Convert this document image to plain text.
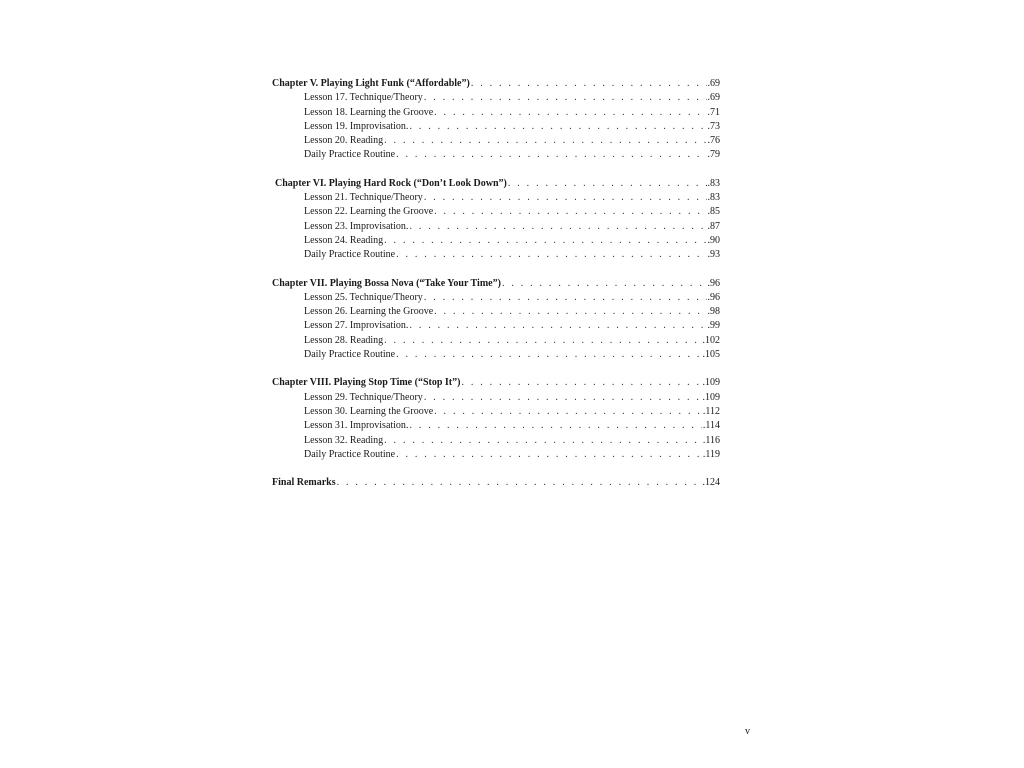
Chapter V. Playing Light Funk (“Affordable”) . . .	.69
Lesson 17. Technique/Theory . . .	.69
Lesson 18. Learning the Groove . . .	.71
Lesson 19. Improvisation. . . .	.73
Lesson 20. Reading . . .	.76
Daily Practice Routine . . .	.79
Chapter VI. Playing Hard Rock (“Don’t Look Down”) . . .	.83
Lesson 21. Technique/Theory . . .	.83
Lesson 22. Learning the Groove . . .	.85
Lesson 23. Improvisation. . . .	.87
Lesson 24. Reading . . .	.90
Daily Practice Routine . . .	.93
Chapter VII. Playing Bossa Nova (“Take Your Time”) . . .	.96
Lesson 25. Technique/Theory . . .	.96
Lesson 26. Learning the Groove . . .	.98
Lesson 27. Improvisation. . . .	.99
Lesson 28. Reading . . .	.102
Daily Practice Routine . . .	.105
Chapter VIII. Playing Stop Time (“Stop It”) . . .	.109
Lesson 29. Technique/Theory . . .	.109
Lesson 30. Learning the Groove . . .	.112
Lesson 31. Improvisation. . . .	.114
Lesson 32. Reading . . .	.116
Daily Practice Routine . . .	.119
Final Remarks . . .	.124
v
